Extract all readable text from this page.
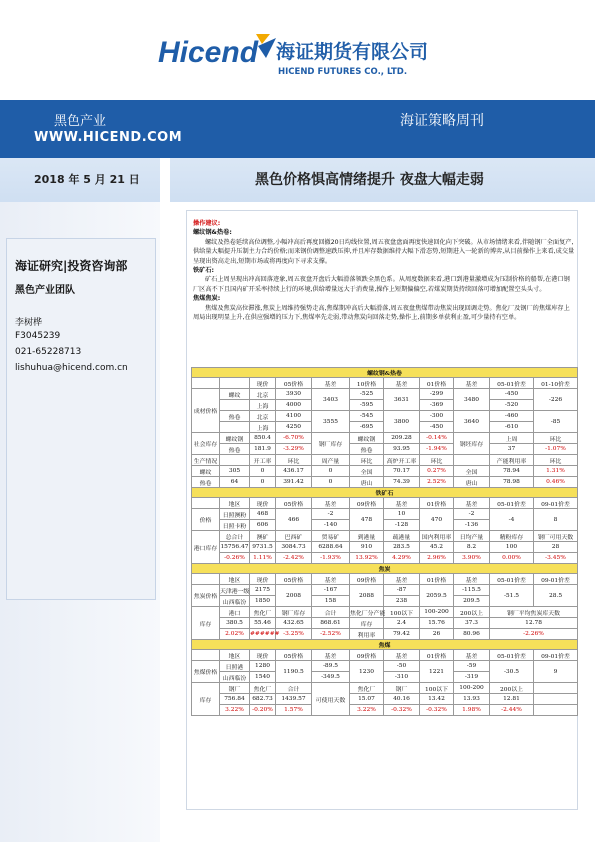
Hicend 海证期货有限公司
HICEND FUTURES CO., LTD.
黑色产业
WWW.HICEND.COM
海证策略周刊
2018 年 5 月 21 日	黑色价格惧高情绪提升 夜盘大幅走弱
海证研究|投资咨询部
黑色产业团队
李树桦
F3045239
021-65228713
lishuhua@hicend.com.cn
操作建议:
螺纹钢&热卷:

螺纹及热卷延续高位调整,小幅冲高后再度回撤20日均线位置,周五夜盘盘面再度快速回化向下突破。从市场情绪来看,伴随钢厂全面复产,供给量大幅提升压制主力合约价格;而来钢价调整速跌压抑,并且库存数据维持大幅下滑态势,短期进入一轮新的博弈,从目前操作上来看,成交量呈现出资高走出,短期市场或将再度向下寻求支撑。

铁矿石:

矿石上周呈现出冲高回落迹象,周五夜盘开盘后大幅滑落领跌全黑色系。从周度数据来看,港口到港量激增成为压制价格的船帮,在港口钢厂区高不下且国内矿开采率持续上行的环境,供给增量远大于消费量,操作上短期偏偏空,若煤炭期货持续回落可增加配置空头头寸。

焦煤焦炭:

焦煤及焦炭高位滞涨,焦炭上周维持强势走高,焦煤期冲高后大幅滑落,周五夜盘焦煤带动焦炭出现回调走势。焦化厂及钢厂的焦煤库存上周局出现明显上升,在供应强增的压力下,焦煤率先走弱,带动焦炭向回落走势,操作上,前期多单获利止盈,可少量持有空单。

螺纹钢&热卷											
		现价	05价格	基差	10价格	基差	01价格	基差	05-01价差	01-10价差	
成材价格	螺纹	北京	3930	3403	-525	3631	-299	3480	-450	-226	
		上海	4000		-595		-369		-520		
	热卷	北京	4100	3555	-545	3800	-300	3640	-460	-85	
		上海	4250		-695		-450		-610		
社会库存	螺纹钢	850.4	-6.70%	钢厂库存	螺纹钢	209.28	-0.14%	钢坯库存	上周	环比	
	热卷	181.9	-3.29%		热卷	93.95	-1.94%		37	-1.07%	
生产情况		开工率	环比	周产量	环比	高炉开工率	环比		产能利用率	环比	
螺纹	305	0	436.17	0	全国	70.17	0.27%	全国	78.94	1.31%	
热卷	64	0	391.42	0	唐山	74.39	2.52%	唐山	78.98	0.46%	
铁矿石											
	地区	现价	05价格	基差	09价格	基差	01价格	基差	05-01价差	09-01价差	
价格	日照澳粉	468	466	-2	478	10	470	-2	-4	8	
	日照卡粉	606		-140		-128		-136			
港口库存	总合计	澳矿	巴西矿	贸易矿	到港量	疏港量	国内利用率	日均产量	精粉库存	钢厂可用天数	
	15756.47	9731.5	3084.73	6288.64	910	283.5	45.2	8.2	100	28	
	-0.26%	1.11%	-2.42%	-1.93%	13.92%	4.29%	2.96%	3.90%	0.00%	-3.45%	
焦炭											
	地区	现价	05价格	基差	09价格	基差	01价格	基差	05-01价差	09-01价差	
焦炭价格	天津港一级	2175	2008	-167	2088	-87	2059.5	-115.5	-51.5	28.5	
	山西临汾	1850		158		238		209.5			
库存	港口	焦化厂	钢厂库存	合计	焦化厂分产能	100以下	100-200	200以上	钢厂平均焦炭库天数		
	380.5	55.46	432.65	868.61	库存	2.4	15.76	37.3	12.78		
	2.02%	######	-3.25%	-2.52%	利用率	79.42	26	80.96	-2.26%		
焦煤											
	地区	现价	05价格	基差	09价格	基差	01价格	基差	05-01价差	09-01价差	
焦煤价格	日照港	1280	1190.5	-89.5	1230	-50	1221	-59	-30.5	9	
	山西临汾	1540		-349.5		-310		-319			
库存	钢厂	焦化厂	合计	可使用天数	焦化厂	钢厂	100以下	100-200	200以上		
	756.84	682.73	1439.57		15.07	40.16	13.42	13.93	12.81		
	3.22%	-0.20%	1.57%		3.22%	-0.32%	-0.32%	1.98%	-2.44%		
